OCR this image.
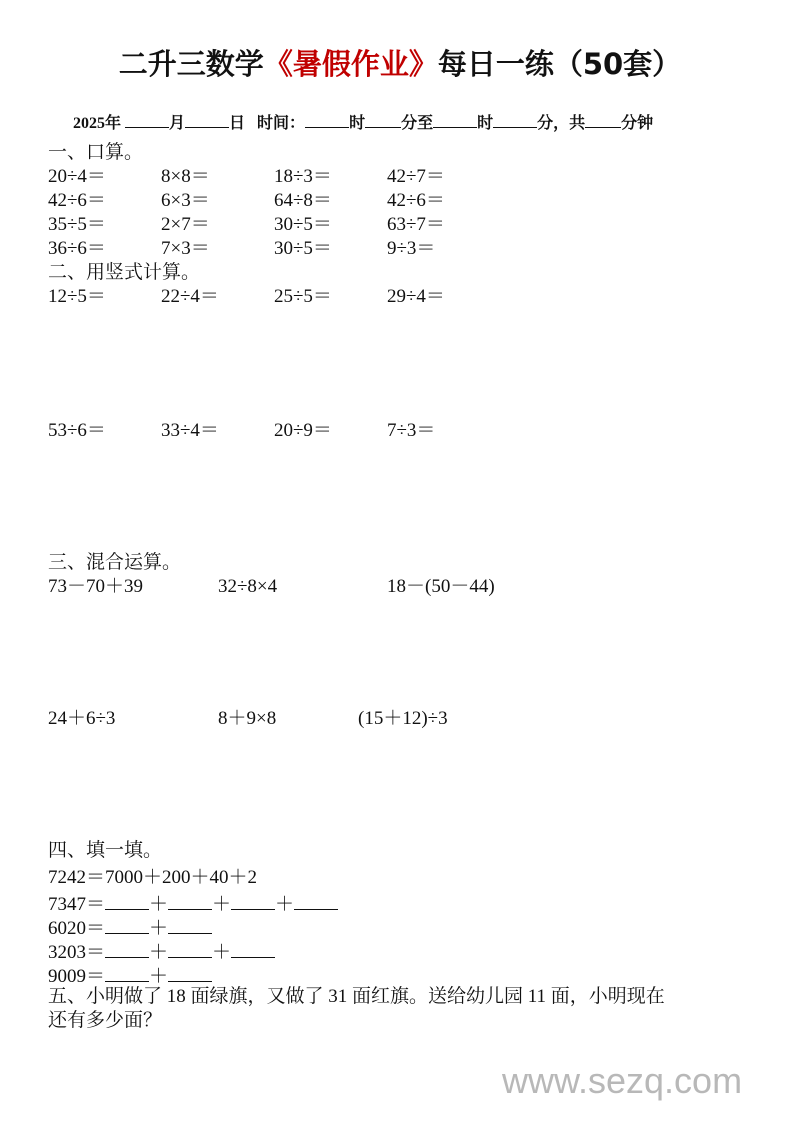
二升三数学《暑假作业》每日一练（50套）
2025年	月	日 时间：	时 分至	时	分，共 分钟
一、口算。
20÷4＝	8×8＝	18÷3＝	42÷7＝
42÷6＝	6×3＝	64÷8＝	42÷6＝
35÷5＝	2×7＝	30÷5＝	63÷7＝
36÷6＝	7×3＝	30÷5＝	9÷3＝
二、用竖式计算。
12÷5＝	22÷4＝	25÷5＝	29÷4＝
53÷6＝	33÷4＝	20÷9＝	7÷3＝
三、混合运算。
73－70＋39	32÷8×4	18－(50－44)
24＋6÷3	8＋9×8	(15＋12)÷3
四、填一填。
7242＝7000＋200＋40＋2
7347＝ ＋ ＋ ＋
6020＝ ＋
3203＝ ＋ ＋
9009＝ ＋
五、小明做了 18 面绿旗，又做了 31 面红旗。送给幼儿园 11 面，小明现在
还有多少面？
www.sezq.com
